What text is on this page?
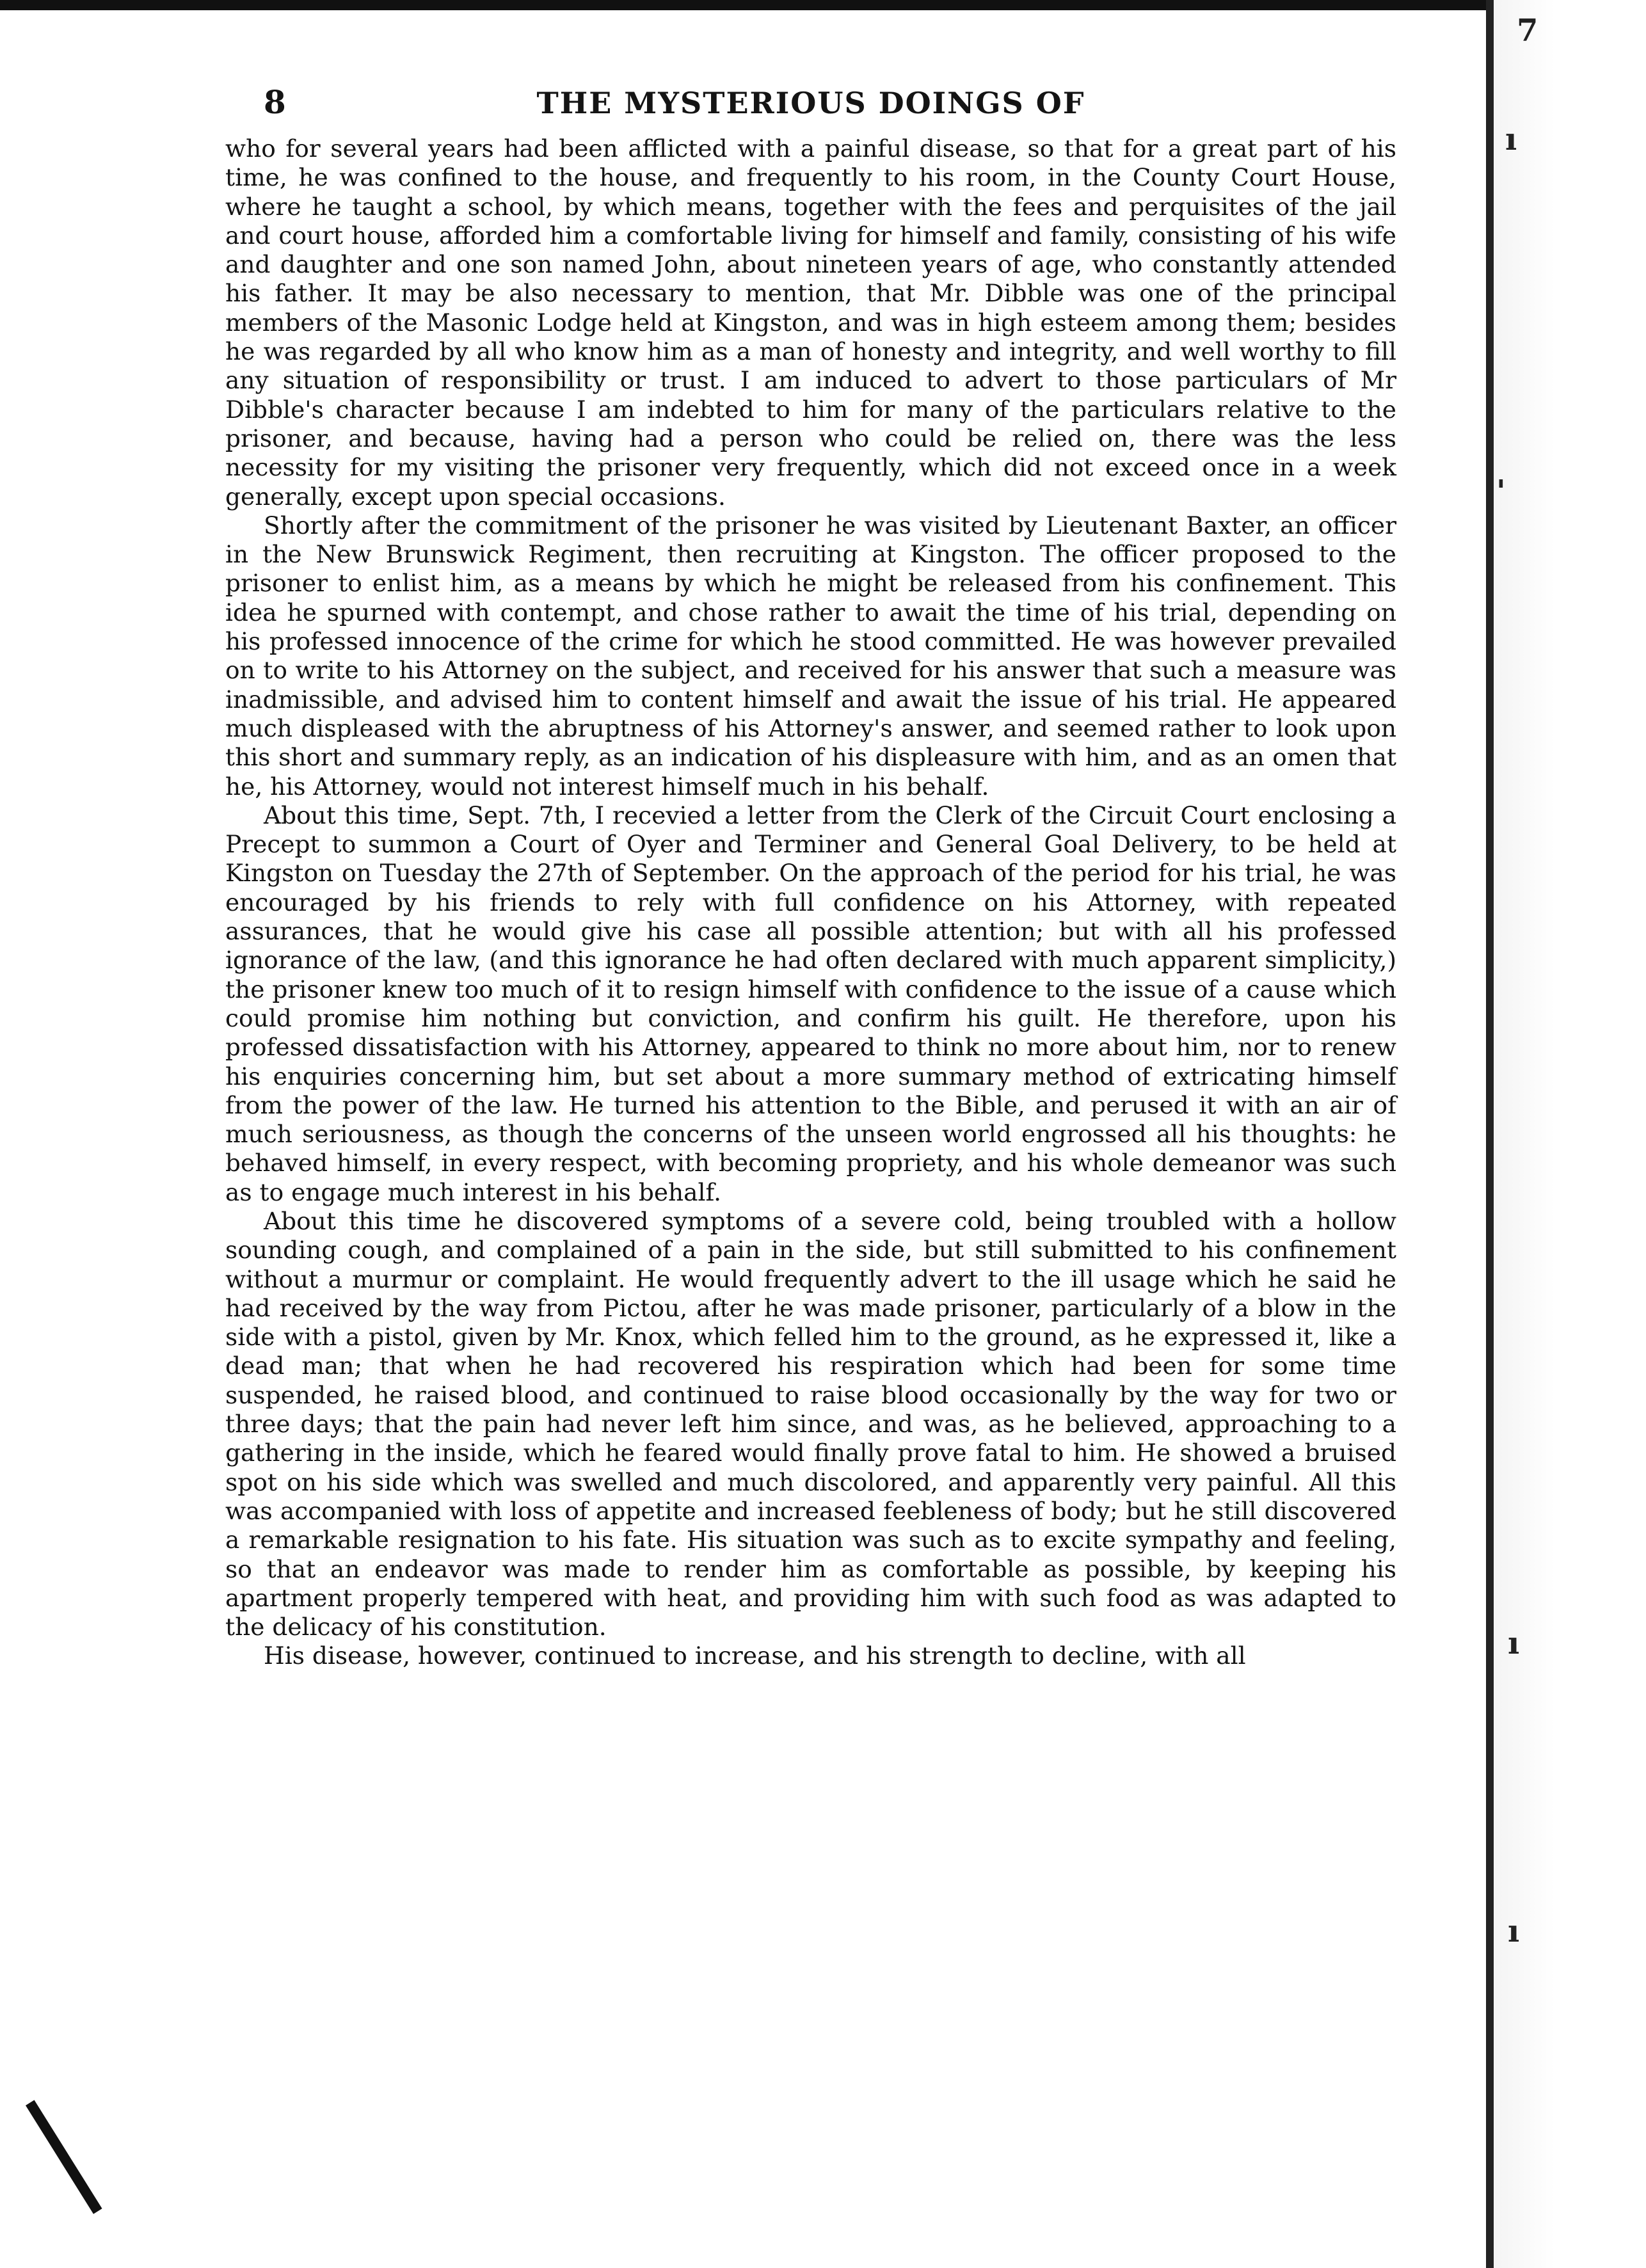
7
ı
'
ı
ı
8	THE MYSTERIOUS DOINGS OF

who for several years had been afflicted with a painful disease, so that for a great part of his time, he was confined to the house, and frequently to his room, in the County Court House, where he taught a school, by which means, together with the fees and perquisites of the jail and court house, afforded him a comfortable living for himself and family, consisting of his wife and daughter and one son named John, about nineteen years of age, who constantly attended his father. It may be also necessary to mention, that Mr. Dibble was one of the principal members of the Masonic Lodge held at Kingston, and was in high esteem among them; besides he was regarded by all who know him as a man of honesty and integrity, and well worthy to fill any situation of responsibility or trust. I am induced to advert to those particulars of Mr Dibble's character because I am indebted to him for many of the particulars relative to the prisoner, and because, having had a person who could be relied on, there was the less necessity for my visiting the prisoner very frequently, which did not exceed once in a week generally, except upon special occasions.

Shortly after the commitment of the prisoner he was visited by Lieutenant Baxter, an officer in the New Brunswick Regiment, then recruiting at Kingston. The officer proposed to the prisoner to enlist him, as a means by which he might be released from his confinement. This idea he spurned with contempt, and chose rather to await the time of his trial, depending on his professed innocence of the crime for which he stood committed. He was however prevailed on to write to his Attorney on the subject, and received for his answer that such a measure was inadmissible, and advised him to content himself and await the issue of his trial. He appeared much displeased with the abruptness of his Attorney's answer, and seemed rather to look upon this short and summary reply, as an indication of his displeasure with him, and as an omen that he, his Attorney, would not interest himself much in his behalf.

About this time, Sept. 7th, I recevied a letter from the Clerk of the Circuit Court enclosing a Precept to summon a Court of Oyer and Terminer and General Goal Delivery, to be held at Kingston on Tuesday the 27th of September. On the approach of the period for his trial, he was encouraged by his friends to rely with full confidence on his Attorney, with repeated assurances, that he would give his case all possible attention; but with all his professed ignorance of the law, (and this ignorance he had often declared with much apparent simplicity,) the prisoner knew too much of it to resign himself with confidence to the issue of a cause which could promise him nothing but conviction, and confirm his guilt. He therefore, upon his professed dissatisfaction with his Attorney, appeared to think no more about him, nor to renew his enquiries concerning him, but set about a more summary method of extricating himself from the power of the law. He turned his attention to the Bible, and perused it with an air of much seriousness, as though the concerns of the unseen world engrossed all his thoughts: he behaved himself, in every respect, with becoming propriety, and his whole demeanor was such as to engage much interest in his behalf.

About this time he discovered symptoms of a severe cold, being troubled with a hollow sounding cough, and complained of a pain in the side, but still submitted to his confinement without a murmur or complaint. He would frequently advert to the ill usage which he said he had received by the way from Pictou, after he was made prisoner, particularly of a blow in the side with a pistol, given by Mr. Knox, which felled him to the ground, as he expressed it, like a dead man; that when he had recovered his respiration which had been for some time suspended, he raised blood, and continued to raise blood occasionally by the way for two or three days; that the pain had never left him since, and was, as he believed, approaching to a gathering in the inside, which he feared would finally prove fatal to him. He showed a bruised spot on his side which was swelled and much discolored, and apparently very painful. All this was accompanied with loss of appetite and increased feebleness of body; but he still discovered a remarkable resignation to his fate. His situation was such as to excite sympathy and feeling, so that an endeavor was made to render him as comfortable as possible, by keeping his apartment properly tempered with heat, and providing him with such food as was adapted to the delicacy of his constitution.

His disease, however, continued to increase, and his strength to decline, with all
